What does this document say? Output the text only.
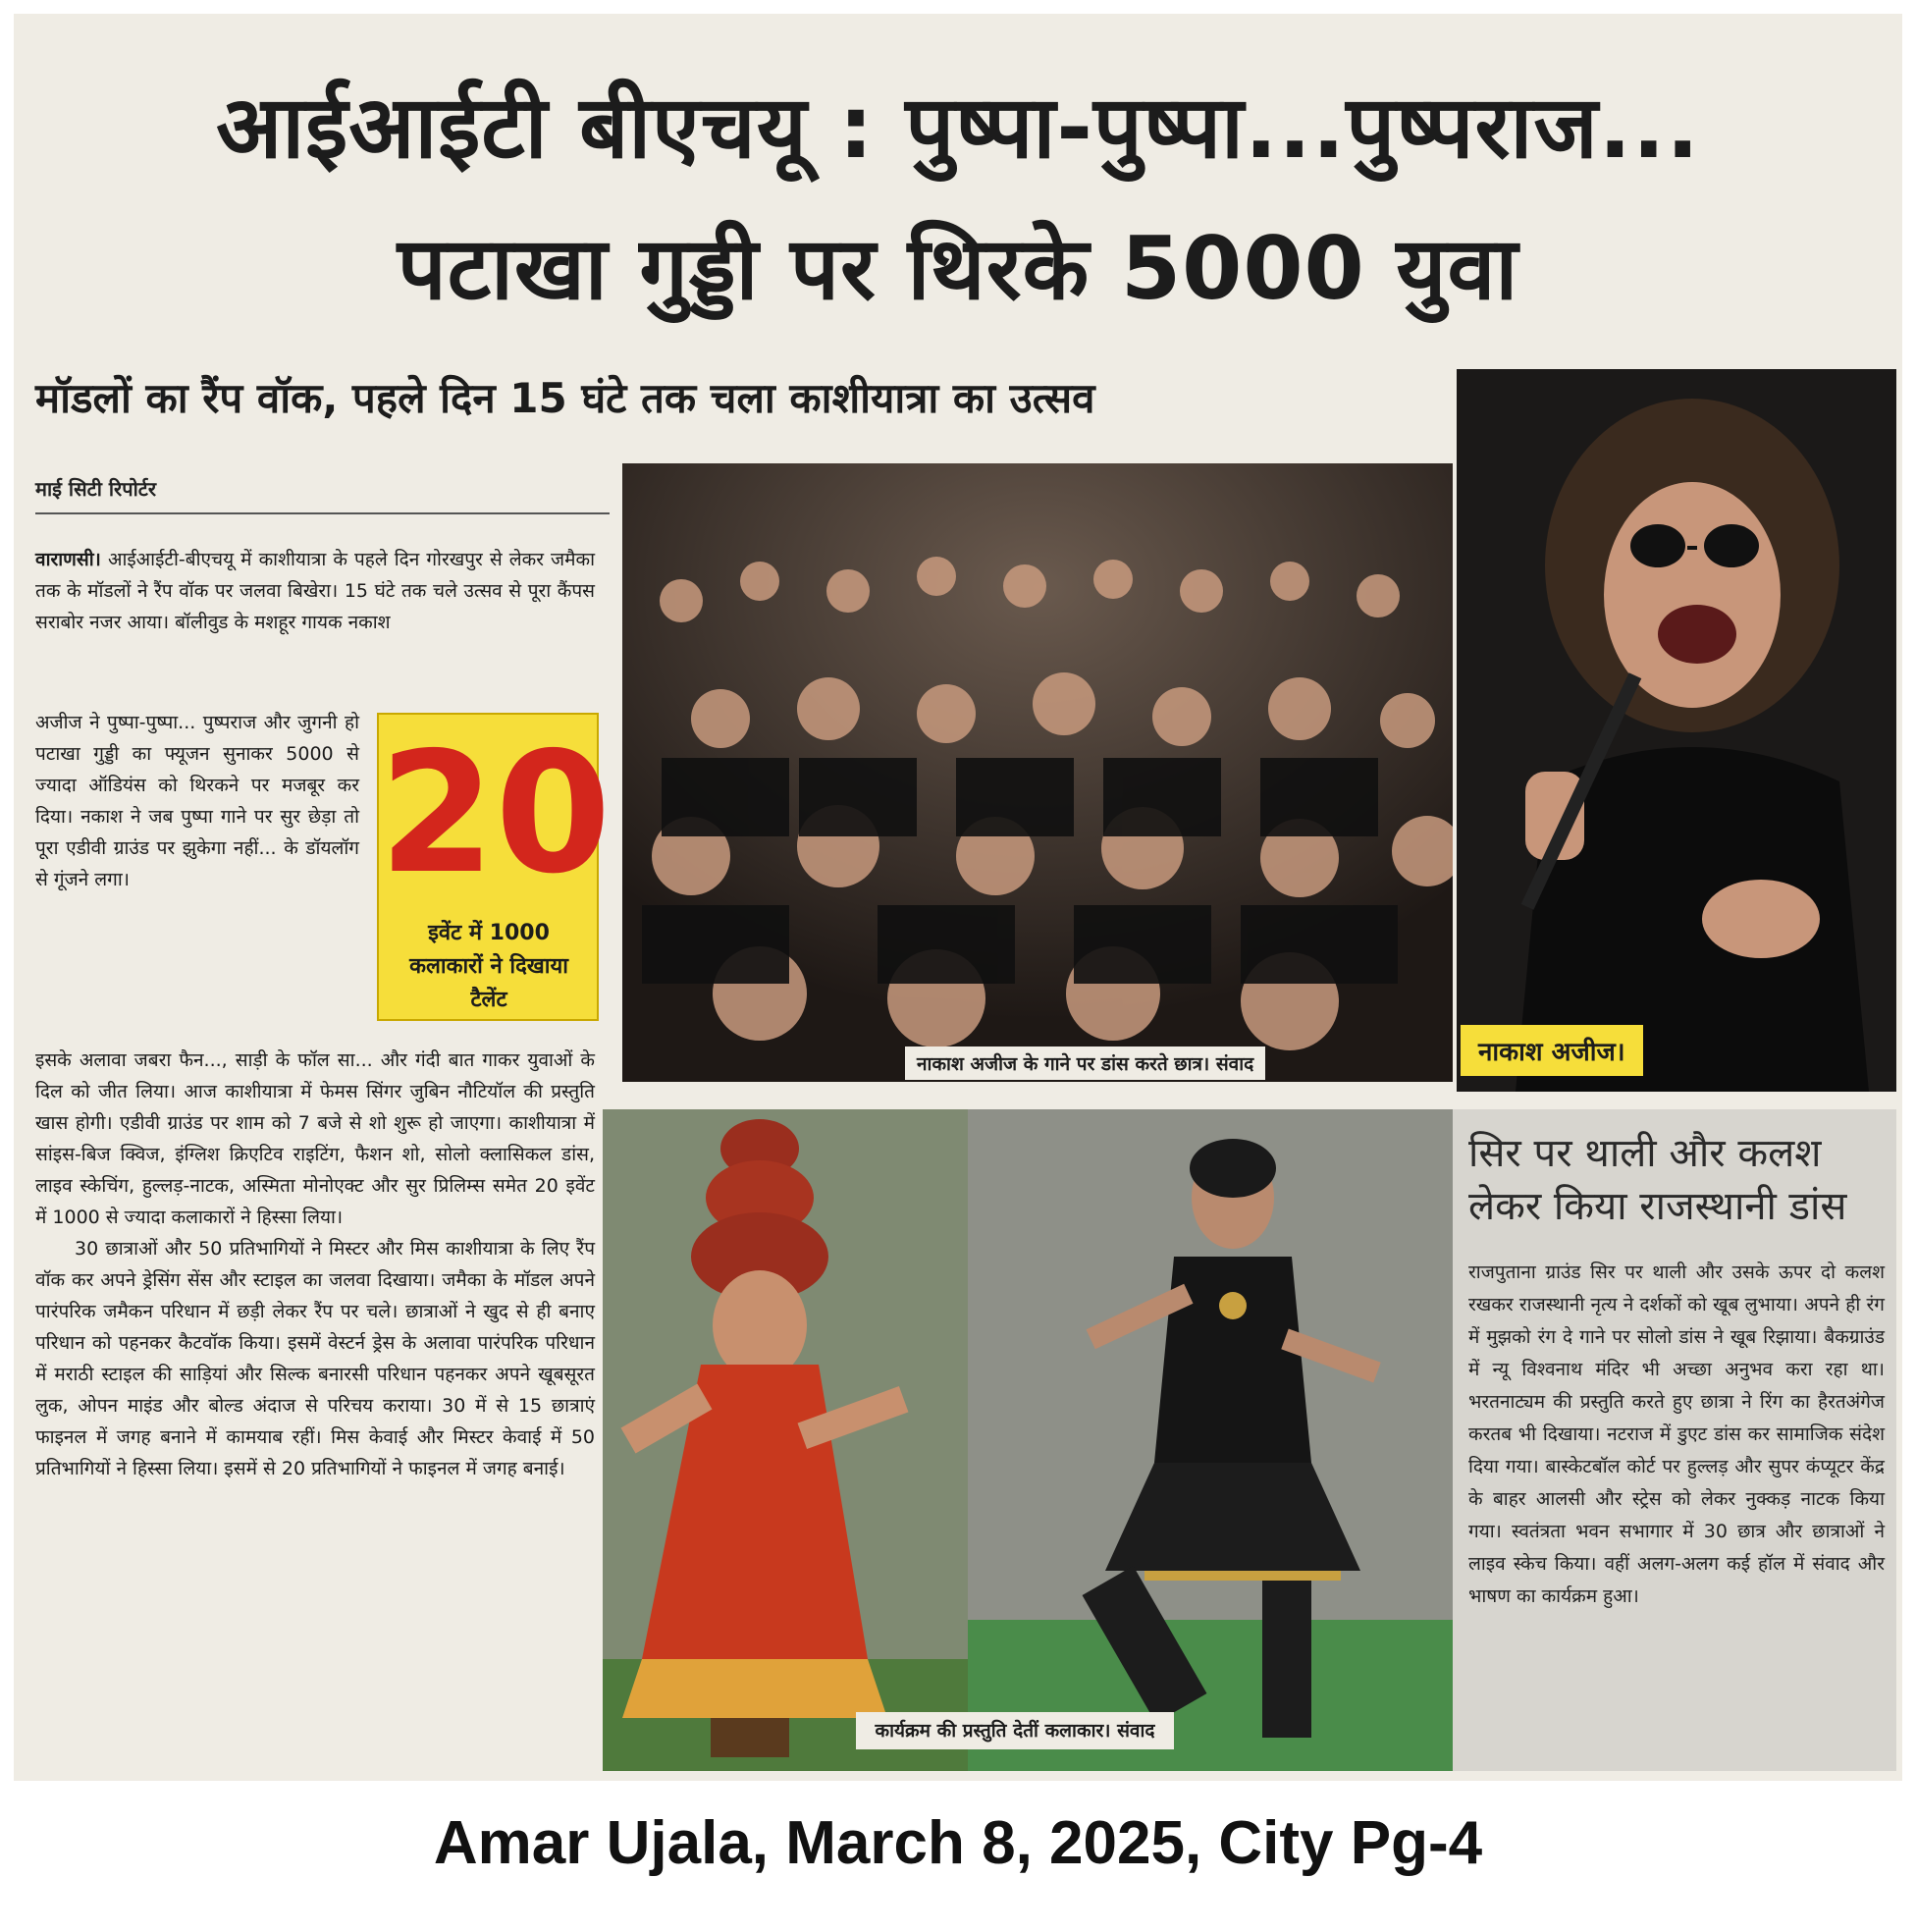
आईआईटी बीएचयू : पुष्पा-पुष्पा...पुष्पराज...
पटाखा गुड्डी पर थिरके 5000 युवा
मॉडलों का रैंप वॉक, पहले दिन 15 घंटे तक चला काशीयात्रा का उत्सव
माई सिटी रिपोर्टर

वाराणसी। आईआईटी-बीएचयू में काशीयात्रा के पहले दिन गोरखपुर से लेकर जमैका तक के मॉडलों ने रैंप वॉक पर जलवा बिखेरा। 15 घंटे तक चले उत्सव से पूरा कैंपस सराबोर नजर आया। बॉलीवुड के मशहूर गायक नकाश

अजीज ने पुष्पा-पुष्पा... पुष्पराज और जुगनी हो पटाखा गुड्डी का फ्यूजन सुनाकर 5000 से ज्यादा ऑडियंस को थिरकने पर मजबूर कर दिया। नकाश ने जब पुष्पा गाने पर सुर छेड़ा तो पूरा एडीवी ग्राउंड पर झुकेगा नहीं... के डॉयलॉग से गूंजने लगा।	20
इवेंट में 1000 कलाकारों ने दिखाया टैलेंट

इसके अलावा जबरा फैन..., साड़ी के फॉल सा... और गंदी बात गाकर युवाओं के दिल को जीत लिया। आज काशीयात्रा में फेमस सिंगर जुबिन नौटियॉल की प्रस्तुति खास होगी। एडीवी ग्राउंड पर शाम को 7 बजे से शो शुरू हो जाएगा। काशीयात्रा में सांइस-बिज क्विज, इंग्लिश क्रिएटिव राइटिंग, फैशन शो, सोलो क्लासिकल डांस, लाइव स्केचिंग, हुल्लड़-नाटक, अस्मिता मोनोएक्ट और सुर प्रिलिम्स समेत 20 इवेंट में 1000 से ज्यादा कलाकारों ने हिस्सा लिया।

30 छात्राओं और 50 प्रतिभागियों ने मिस्टर और मिस काशीयात्रा के लिए रैंप वॉक कर अपने ड्रेसिंग सेंस और स्टाइल का जलवा दिखाया। जमैका के मॉडल अपने पारंपरिक जमैकन परिधान में छड़ी लेकर रैंप पर चले। छात्राओं ने खुद से ही बनाए परिधान को पहनकर कैटवॉक किया। इसमें वेस्टर्न ड्रेस के अलावा पारंपरिक परिधान में मराठी स्टाइल की साड़ियां और सिल्क बनारसी परिधान पहनकर अपने खूबसूरत लुक, ओपन माइंड और बोल्ड अंदाज से परिचय कराया। 30 में से 15 छात्राएं फाइनल में जगह बनाने में कामयाब रहीं। मिस केवाई और मिस्टर केवाई में 50 प्रतिभागियों ने हिस्सा लिया। इसमें से 20 प्रतिभागियों ने फाइनल में जगह बनाई।

नाकाश अजीज के गाने पर डांस करते छात्र। संवाद	नाकाश अजीज।
कार्यक्रम की प्रस्तुति देतीं कलाकार। संवाद
सिर पर थाली और कलश लेकर किया राजस्थानी डांस
राजपुताना ग्राउंड सिर पर थाली और उसके ऊपर दो कलश रखकर राजस्थानी नृत्य ने दर्शकों को खूब लुभाया। अपने ही रंग में मुझको रंग दे गाने पर सोलो डांस ने खूब रिझाया। बैकग्राउंड में न्यू विश्वनाथ मंदिर भी अच्छा अनुभव करा रहा था। भरतनाट्यम की प्रस्तुति करते हुए छात्रा ने रिंग का हैरतअंगेज करतब भी दिखाया। नटराज में डुएट डांस कर सामाजिक संदेश दिया गया। बास्केटबॉल कोर्ट पर हुल्लड़ और सुपर कंप्यूटर केंद्र के बाहर आलसी और स्ट्रेस को लेकर नुक्कड़ नाटक किया गया। स्वतंत्रता भवन सभागार में 30 छात्र और छात्राओं ने लाइव स्केच किया। वहीं अलग-अलग कई हॉल में संवाद और भाषण का कार्यक्रम हुआ।
Amar Ujala, March 8, 2025, City Pg-4
